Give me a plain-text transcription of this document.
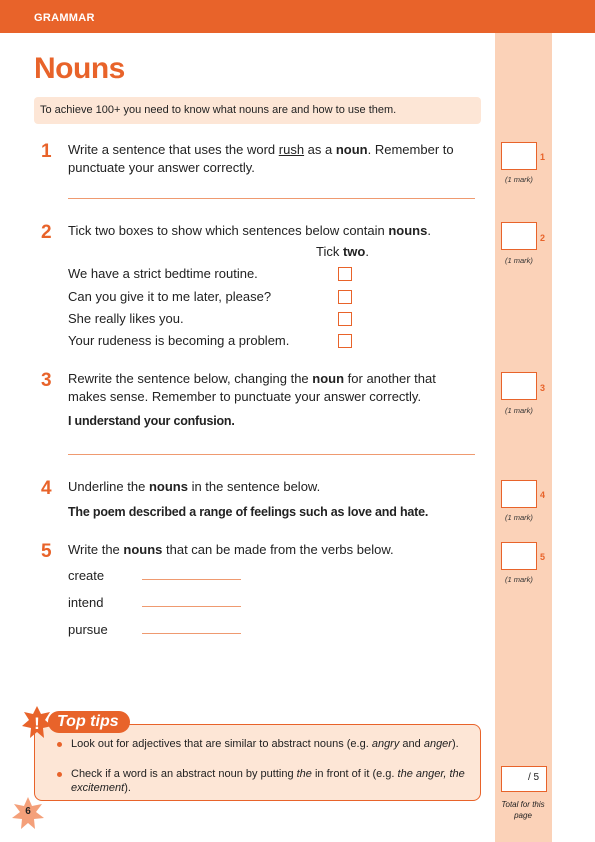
GRAMMAR
Nouns
To achieve 100+ you need to know what nouns are and how to use them.
1 Write a sentence that uses the word rush as a noun. Remember to punctuate your answer correctly.
2 Tick two boxes to show which sentences below contain nouns.
Tick two.
We have a strict bedtime routine.
Can you give it to me later, please?
She really likes you.
Your rudeness is becoming a problem.
3 Rewrite the sentence below, changing the noun for another that makes sense. Remember to punctuate your answer correctly.
I understand your confusion.
4 Underline the nouns in the sentence below.
The poem described a range of feelings such as love and hate.
5 Write the nouns that can be made from the verbs below.
create
intend
pursue
1
(1 mark)
2
(1 mark)
3
(1 mark)
4
(1 mark)
5
(1 mark)
! Top tips
Look out for adjectives that are similar to abstract nouns (e.g. angry and anger).
Check if a word is an abstract noun by putting the in front of it (e.g. the anger, the excitement).
/ 5
Total for this page
6
